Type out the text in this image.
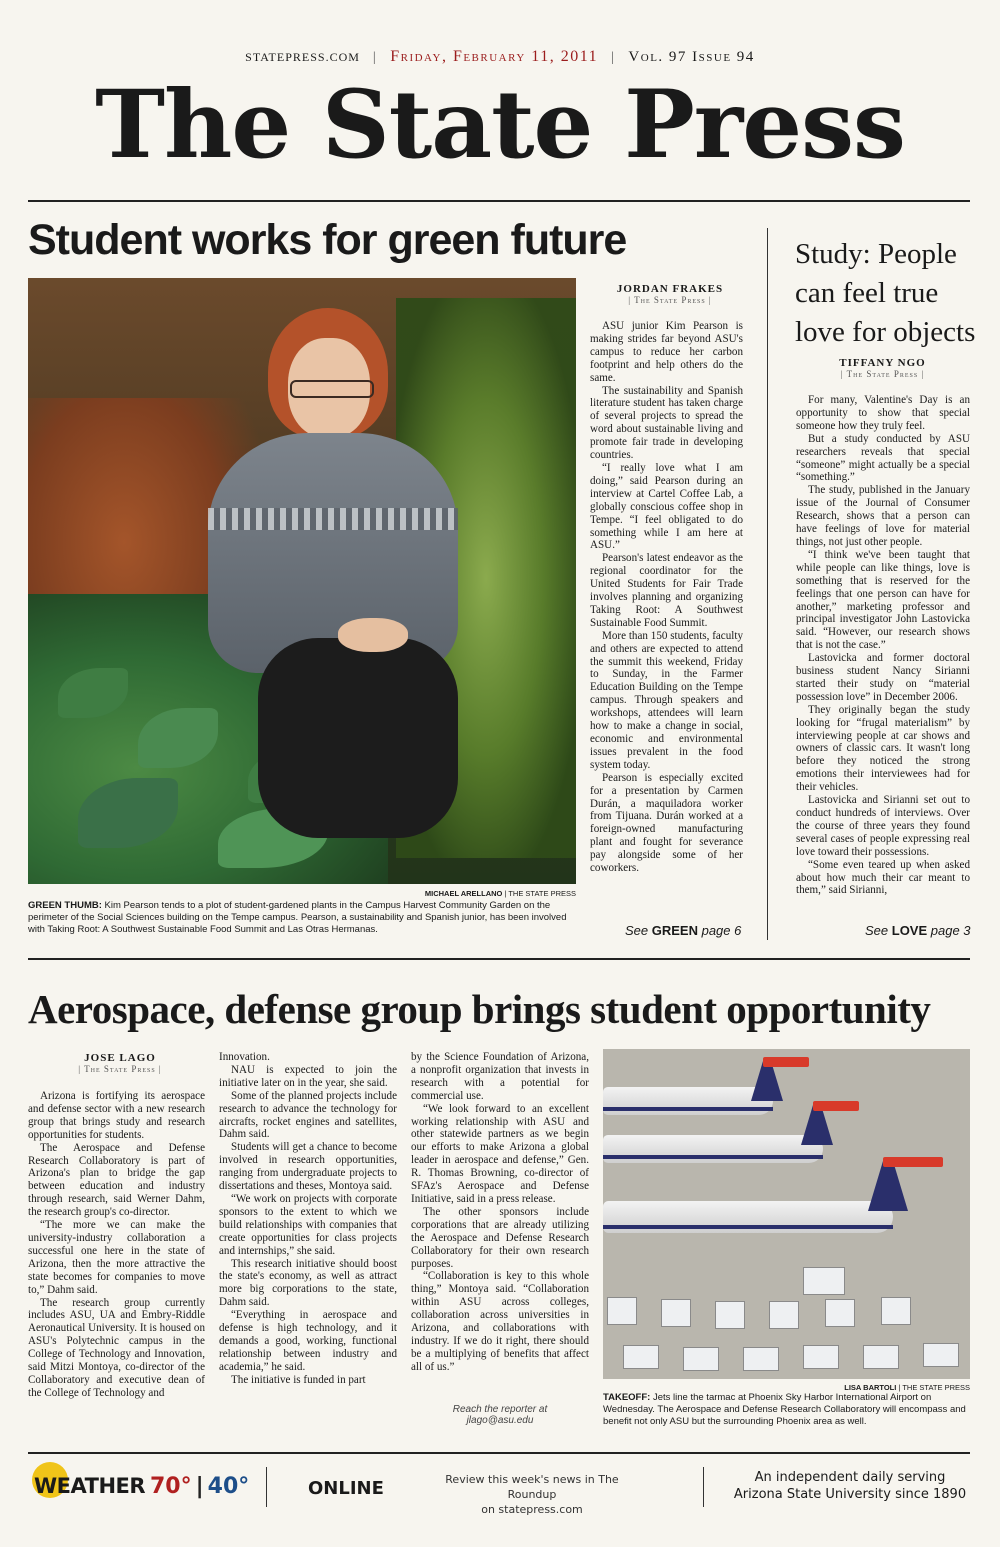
STATEPRESS.COM | Friday, February 11, 2011 | Vol. 97 Issue 94
The State Press
Student works for green future
MICHAEL ARELLANO | THE STATE PRESS
GREEN THUMB: Kim Pearson tends to a plot of student-gardened plants in the Campus Harvest Community Garden on the perimeter of the Social Sciences building on the Tempe campus. Pearson, a sustainability and Spanish junior, has been involved with Taking Root: A Southwest Sustainable Food Summit and Las Otras Hermanas.
JORDAN FRAKES
| The State Press |

ASU junior Kim Pearson is making strides far beyond ASU's campus to reduce her carbon footprint and help others do the same.

The sustainability and Spanish literature student has taken charge of several projects to spread the word about sustainable living and promote fair trade in developing countries.

“I really love what I am doing,” said Pearson during an interview at Cartel Coffee Lab, a globally conscious coffee shop in Tempe. “I feel obligated to do something while I am here at ASU.”

Pearson's latest endeavor as the regional coordinator for the United Students for Fair Trade involves planning and organizing Taking Root: A Southwest Sustainable Food Summit.

More than 150 students, faculty and others are expected to attend the summit this weekend, Friday to Sunday, in the Farmer Education Building on the Tempe campus. Through speakers and workshops, attendees will learn how to make a change in social, economic and environmental issues prevalent in the food system today.

Pearson is especially excited for a presentation by Carmen Durán, a maquiladora worker from Tijuana. Durán worked at a foreign-owned manufacturing plant and fought for severance pay alongside some of her coworkers.

See GREEN page 6
Study: People can feel true love for objects
TIFFANY NGO
| The State Press |

For many, Valentine's Day is an opportunity to show that special someone how they truly feel.

But a study conducted by ASU researchers reveals that special “someone” might actually be a special “something.”

The study, published in the January issue of the Journal of Consumer Research, shows that a person can have feelings of love for material things, not just other people.

“I think we've been taught that while people can like things, love is something that is reserved for the feelings that one person can have for another,” marketing professor and principal investigator John Lastovicka said. “However, our research shows that is not the case.”

Lastovicka and former doctoral business student Nancy Sirianni started their study on “material possession love” in December 2006.

They originally began the study looking for “frugal materialism” by interviewing people at car shows and owners of classic cars. It wasn't long before they noticed the strong emotions their interviewees had for their vehicles.

Lastovicka and Sirianni set out to conduct hundreds of interviews. Over the course of three years they found several cases of people expressing real love toward their possessions.

“Some even teared up when asked about how much their car meant to them,” said Sirianni,

See LOVE page 3
Aerospace, defense group brings student opportunity
JOSE LAGO
| The State Press |

Arizona is fortifying its aerospace and defense sector with a new research group that brings study and research opportunities for students.

The Aerospace and Defense Research Collaboratory is part of Arizona's plan to bridge the gap between education and industry through research, said Werner Dahm, the research group's co-director.

“The more we can make the university-industry collaboration a successful one here in the state of Arizona, then the more attractive the state becomes for companies to move to,” Dahm said.

The research group currently includes ASU, UA and Embry-Riddle Aeronautical University. It is housed on ASU's Polytechnic campus in the College of Technology and Innovation, said Mitzi Montoya, co-director of the Collaboratory and executive dean of the College of Technology and

Innovation.

NAU is expected to join the initiative later on in the year, she said.

Some of the planned projects include research to advance the technology for aircrafts, rocket engines and satellites, Dahm said.

Students will get a chance to become involved in research opportunities, ranging from undergraduate projects to dissertations and theses, Montoya said.

“We work on projects with corporate sponsors to the extent to which we build relationships with companies that create opportunities for class projects and internships,” she said.

This research initiative should boost the state's economy, as well as attract more big corporations to the state, Dahm said.

“Everything in aerospace and defense is high technology, and it demands a good, working, functional relationship between industry and academia,” he said.

The initiative is funded in part

by the Science Foundation of Arizona, a nonprofit organization that invests in research with a potential for commercial use.

“We look forward to an excellent working relationship with ASU and other statewide partners as we begin our efforts to make Arizona a global leader in aerospace and defense,” Gen. R. Thomas Browning, co-director of SFAz's Aerospace and Defense Initiative, said in a press release.

The other sponsors include corporations that are already utilizing the Aerospace and Defense Research Collaboratory for their own research purposes.

“Collaboration is key to this whole thing,” Montoya said. “Collaboration within ASU across colleges, collaboration across universities in Arizona, and collaborations with industry. If we do it right, there should be a multiplying of benefits that affect all of us.”

Reach the reporter at
jlago@asu.edu
LISA BARTOLI | THE STATE PRESS
TAKEOFF: Jets line the tarmac at Phoenix Sky Harbor International Airport on Wednesday. The Aerospace and Defense Research Collaboratory will encompass and benefit not only ASU but the surrounding Phoenix area as well.
WEATHER 70° | 40°	ONLINE	Review this week's news in The Roundup
on statepress.com
An independent daily serving
Arizona State University since 1890
